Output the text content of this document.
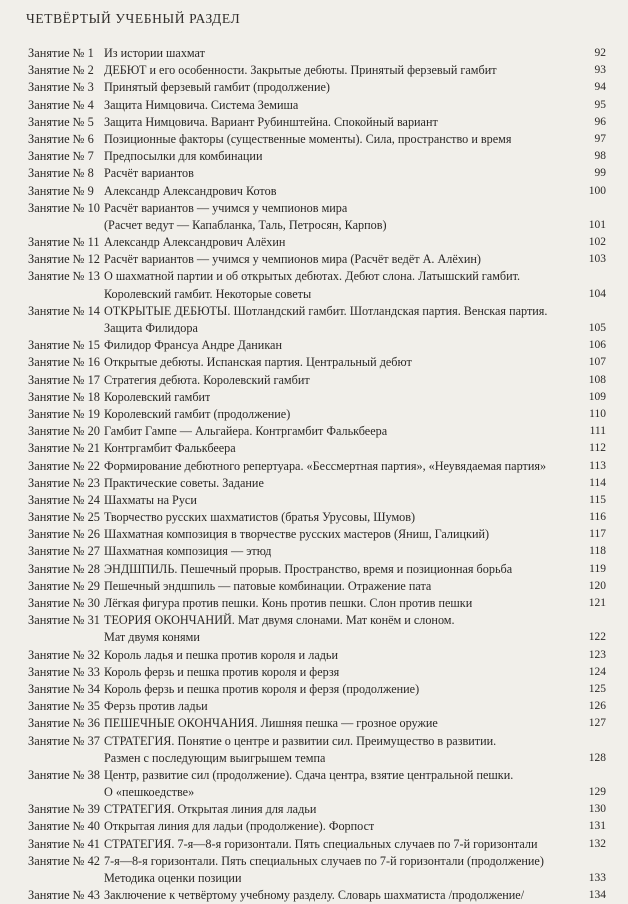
ЧЕТВЁРТЫЙ УЧЕБНЫЙ РАЗДЕЛ
Занятие № 1 Из истории шахмат	92
Занятие № 2 ДЕБЮТ и его особенности. Закрытые дебюты. Принятый ферзевый гамбит	93
Занятие № 3 Принятый ферзевый гамбит (продолжение)	94
Занятие № 4 Защита Нимцовича. Система Земиша	95
Занятие № 5 Защита Нимцовича. Вариант Рубинштейна. Спокойный вариант	96
Занятие № 6 Позиционные факторы (существенные моменты). Сила, пространство и время	97
Занятие № 7 Предпосылки для комбинации	98
Занятие № 8 Расчёт вариантов	99
Занятие № 9 Александр Александрович Котов	100
Занятие № 10 Расчёт вариантов — учимся у чемпионов мира
(Расчет ведут — Капабланка, Таль, Петросян, Карпов)	101
Занятие № 11 Александр Александрович Алёхин	102
Занятие № 12 Расчёт вариантов — учимся у чемпионов мира (Расчёт ведёт А. Алёхин)	103
Занятие № 13 О шахматной партии и об открытых дебютах. Дебют слона. Латышский гамбит.
Королевский гамбит. Некоторые советы	104
Занятие № 14 ОТКРЫТЫЕ ДЕБЮТЫ. Шотландский гамбит. Шотландская партия. Венская партия.
Защита Филидора	105
Занятие № 15 Филидор Франсуа Андре Даникан	106
Занятие № 16 Открытые дебюты. Испанская партия. Центральный дебют	107
Занятие № 17 Стратегия дебюта. Королевский гамбит	108
Занятие № 18 Королевский гамбит	109
Занятие № 19 Королевский гамбит (продолжение)	110
Занятие № 20 Гамбит Гампе — Альгайера. Контргамбит Фалькбеера	111
Занятие № 21 Контргамбит Фалькбеера	112
Занятие № 22 Формирование дебютного репертуара. «Бессмертная партия», «Неувядаемая партия»	113
Занятие № 23 Практические советы. Задание	114
Занятие № 24 Шахматы на Руси	115
Занятие № 25 Творчество русских шахматистов (братья Урусовы, Шумов)	116
Занятие № 26 Шахматная композиция в творчестве русских мастеров (Яниш, Галицкий)	117
Занятие № 27 Шахматная композиция — этюд	118
Занятие № 28 ЭНДШПИЛЬ. Пешечный прорыв. Пространство, время и позиционная борьба	119
Занятие № 29 Пешечный эндшпиль — патовые комбинации. Отражение пата	120
Занятие № 30 Лёгкая фигура против пешки. Конь против пешки. Слон против пешки	121
Занятие № 31 ТЕОРИЯ ОКОНЧАНИЙ. Мат двумя слонами. Мат конём и слоном.
Мат двумя конями	122
Занятие № 32 Король ладья и пешка против короля и ладьи	123
Занятие № 33 Король ферзь и пешка против короля и ферзя	124
Занятие № 34 Король ферзь и пешка против короля и ферзя (продолжение)	125
Занятие № 35 Ферзь против ладьи	126
Занятие № 36 ПЕШЕЧНЫЕ ОКОНЧАНИЯ. Лишняя пешка — грозное оружие	127
Занятие № 37 СТРАТЕГИЯ. Понятие о центре и развитии сил. Преимущество в развитии.
Размен с последующим выигрышем темпа	128
Занятие № 38 Центр, развитие сил (продолжение). Сдача центра, взятие центральной пешки.
О «пешкоедстве»	129
Занятие № 39 СТРАТЕГИЯ. Открытая линия для ладьи	130
Занятие № 40 Открытая линия для ладьи (продолжение). Форпост	131
Занятие № 41 СТРАТЕГИЯ. 7-я—8-я горизонтали. Пять специальных случаев по 7-й горизонтали	132
Занятие № 42 7-я—8-я горизонтали. Пять специальных случаев по 7-й горизонтали (продолжение)
Методика оценки позиции	133
Занятие № 43 Заключение к четвёртому учебному разделу. Словарь шахматиста /продолжение/	134
